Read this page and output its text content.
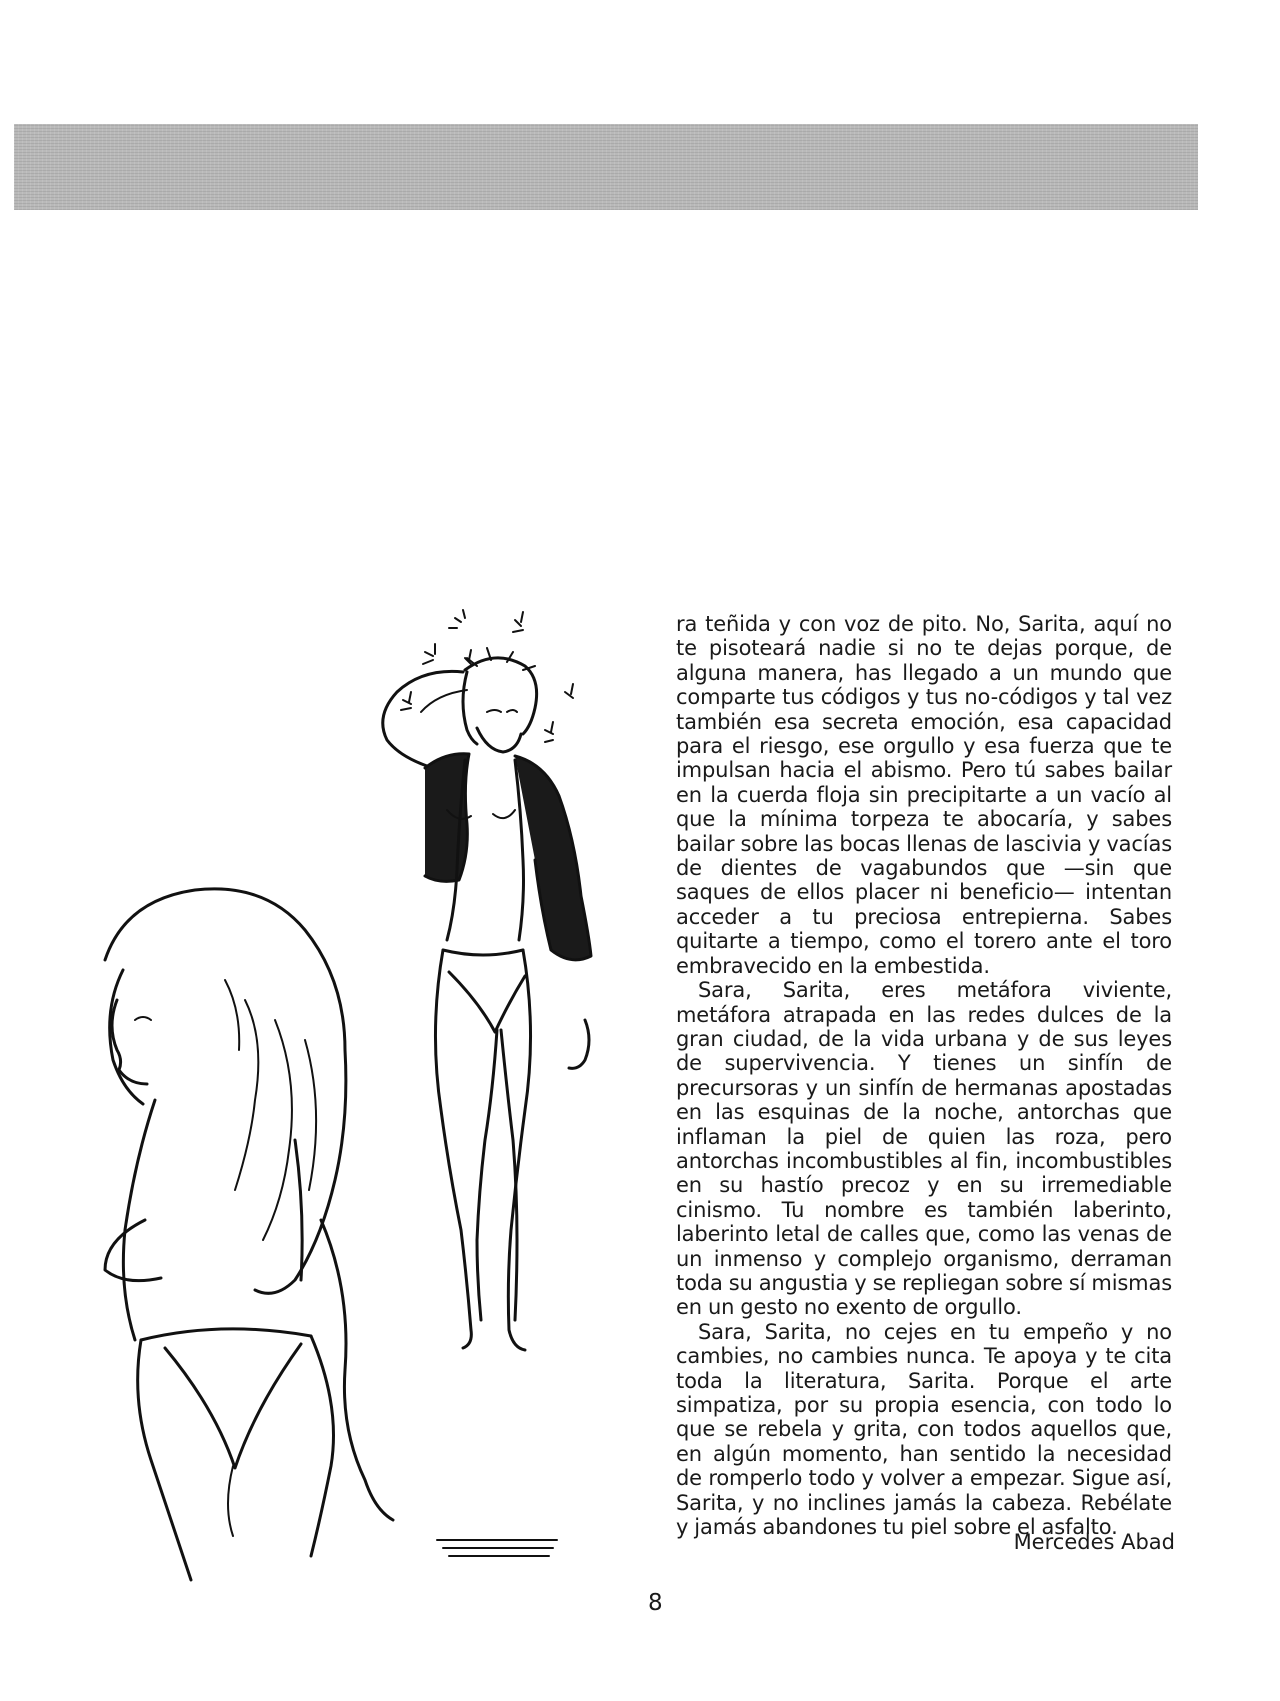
ra teñida y con voz de pito. No, Sarita, aquí no te pisoteará nadie si no te dejas porque, de alguna manera, has llegado a un mundo que comparte tus códigos y tus no-códigos y tal vez también esa secreta emoción, esa capacidad para el riesgo, ese orgullo y esa fuerza que te impulsan hacia el abismo. Pero tú sabes bailar en la cuerda floja sin precipitarte a un vacío al que la mínima torpeza te abocaría, y sabes bailar sobre las bocas llenas de lascivia y vacías de dientes de vagabundos que —sin que saques de ellos placer ni beneficio— intentan acceder a tu preciosa entrepierna. Sabes quitarte a tiempo, como el torero ante el toro embravecido en la embestida.

Sara, Sarita, eres metáfora viviente, metáfora atrapada en las redes dulces de la gran ciudad, de la vida urbana y de sus leyes de supervivencia. Y tienes un sinfín de precursoras y un sinfín de hermanas apostadas en las esquinas de la noche, antorchas que inflaman la piel de quien las roza, pero antorchas incombustibles al fin, incombustibles en su hastío precoz y en su irremediable cinismo. Tu nombre es también laberinto, laberinto letal de calles que, como las venas de un inmenso y complejo organismo, derraman toda su angustia y se repliegan sobre sí mismas en un gesto no exento de orgullo.

Sara, Sarita, no cejes en tu empeño y no cambies, no cambies nunca. Te apoya y te cita toda la literatura, Sarita. Porque el arte simpatiza, por su propia esencia, con todo lo que se rebela y grita, con todos aquellos que, en algún momento, han sentido la necesidad de romperlo todo y volver a empezar. Sigue así, Sarita, y no inclines jamás la cabeza. Rebélate y jamás abandones tu piel sobre el asfalto.

Mercedes Abad
8
